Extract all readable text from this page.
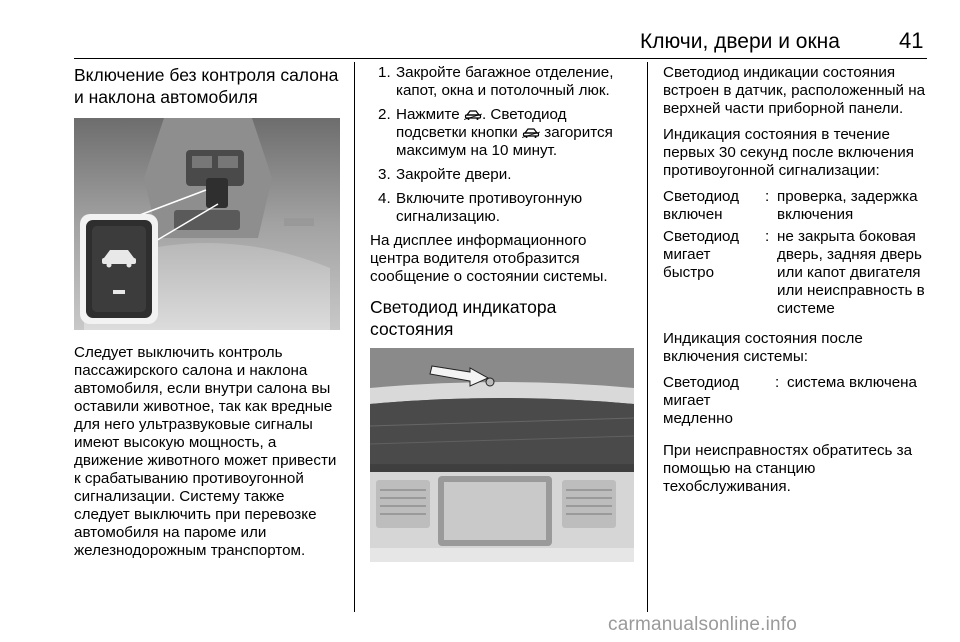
Ключи, двери и окна	41
Включение без контроля салона и наклона автомобиля

Следует выключить контроль пассажирского салона и наклона автомобиля, если внутри салона вы оставили животное, так как вредные для него ультразвуковые сигналы имеют высокую мощность, а движение животного может привести к срабатыванию противоугонной сигнализации. Систему также следует выключить при перевозке автомобиля на пароме или железнодорожным транспортом.

1. Закройте багажное отделение, капот, окна и потолочный люк.
2. Нажмите . Светодиод подсветки кнопки загорится максимум на 10 минут.
3. Закройте двери.
4. Включите противоугонную сигнализацию.

На дисплее информационного центра водителя отобразится сообщение о состоянии системы.

Светодиод индикатора состояния

Светодиод индикации состояния встроен в датчик, расположенный на верхней части приборной панели.

Индикация состояния в течение первых 30 секунд после включения противоугонной сигнализации:

Светодиод включен
: проверка, задержка включения
Светодиод мигает быстро
: не закрыта боковая дверь, задняя дверь или капот двигателя или неисправность в системе

Индикация состояния после включения системы:

Светодиод мигает медленно
: система включена

При неисправностях обратитесь за помощью на станцию техобслуживания.

carmanualsonline.info
